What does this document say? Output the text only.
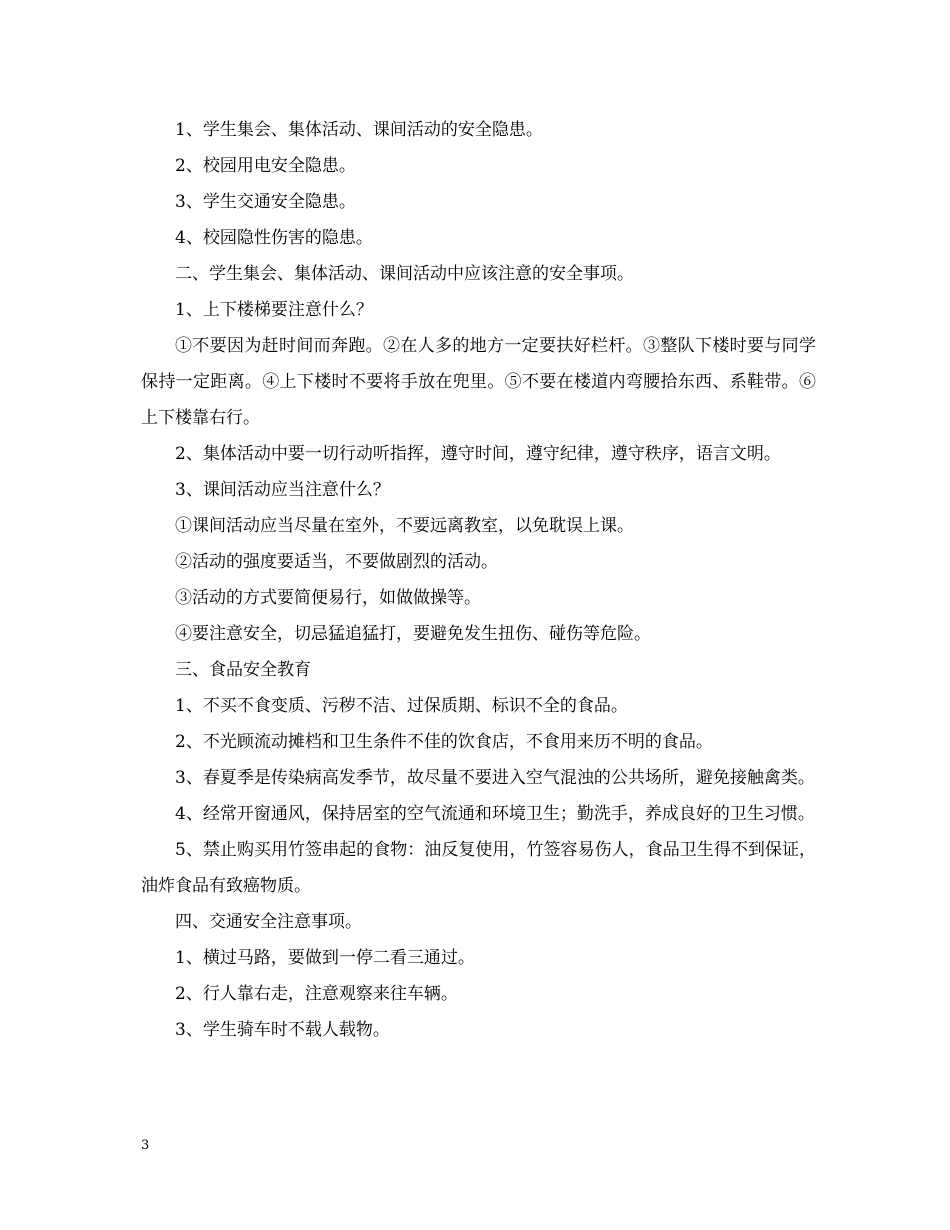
1、学生集会、集体活动、课间活动的安全隐患。

2、校园用电安全隐患。

3、学生交通安全隐患。

4、校园隐性伤害的隐患。

二、学生集会、集体活动、课间活动中应该注意的安全事项。

1、上下楼梯要注意什么？

①不要因为赶时间而奔跑。②在人多的地方一定要扶好栏杆。③整队下楼时要与同学保持一定距离。④上下楼时不要将手放在兜里。⑤不要在楼道内弯腰拾东西、系鞋带。⑥上下楼靠右行。

2、集体活动中要一切行动听指挥，遵守时间，遵守纪律，遵守秩序，语言文明。

3、课间活动应当注意什么？

①课间活动应当尽量在室外，不要远离教室，以免耽误上课。

②活动的强度要适当，不要做剧烈的活动。

③活动的方式要简便易行，如做做操等。

④要注意安全，切忌猛追猛打，要避免发生扭伤、碰伤等危险。

三、食品安全教育

1、不买不食变质、污秽不洁、过保质期、标识不全的食品。

2、不光顾流动摊档和卫生条件不佳的饮食店，不食用来历不明的食品。

3、春夏季是传染病高发季节，故尽量不要进入空气混浊的公共场所，避免接触禽类。

4、经常开窗通风，保持居室的空气流通和环境卫生；勤洗手，养成良好的卫生习惯。

5、禁止购买用竹签串起的食物：油反复使用，竹签容易伤人，食品卫生得不到保证，油炸食品有致癌物质。

四、交通安全注意事项。

1、横过马路，要做到一停二看三通过。

2、行人靠右走，注意观察来往车辆。

3、学生骑车时不载人载物。

3
